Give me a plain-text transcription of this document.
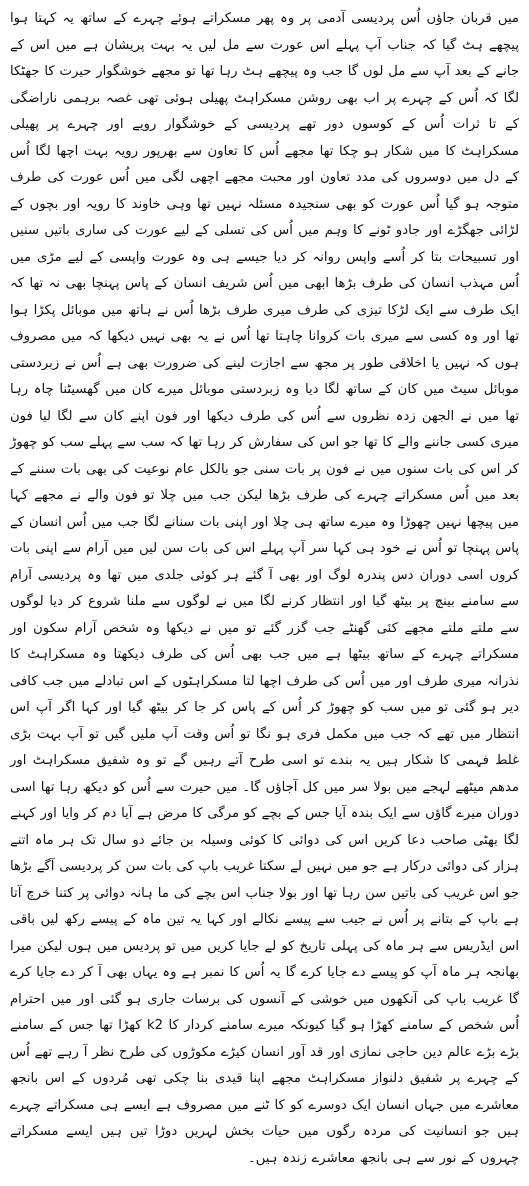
میں قربان جاؤں اُس پردیسی آدمی پر وہ پھر مسکراتے ہوئے چہرے کے ساتھ یہ کہتا ہوا پیچھے ہٹ گیا کہ جناب آپ پہلے اس عورت سے مل لیں یہ بہت پریشان ہے میں اس کے جانے کے بعد آپ سے مل لوں گا جب وہ پیچھے ہٹ رہا تھا تو مجھے خوشگوار حیرت کا جھٹکا لگا کہ اُس کے چہرے پر اب بھی روشن مسکراہٹ پھیلی ہوئی تھی غصہ برہمی ناراضگی کے تا ثرات اُس کے کوسوں دور تھے پردیسی کے خوشگوار رویے اور چہرے پر پھیلی مسکراہٹ کا میں شکار ہو چکا تھا مجھے اُس کا تعاون سے بھرپور رویہ بہت اچھا لگا اُس کے دل میں دوسروں کی مدد تعاون اور محبت مجھے اچھی لگی میں اُس عورت کی طرف متوجہ ہو گیا اُس عورت کو بھی سنجیدہ مسئلہ نہیں تھا وہی خاوند کا رویہ اور بچوں کے لڑائی جھگڑے اور جادو ٹونے کا وہم میں اُس کی تسلی کے لیے عورت کی ساری باتیں سنیں اور تسبیحات بتا کر اُسے واپس روانہ کر دیا جیسے ہی وہ عورت واپسی کے لیے مڑی میں اُس مہذب انسان کی طرف بڑھا ابھی میں اُس شریف انسان کے پاس پہنچا بھی نہ تھا کہ ایک طرف سے ایک لڑکا تیزی کی طرف میری طرف بڑھا اُس نے ہاتھ میں موبائل پکڑا ہوا تھا اور وہ کسی سے میری بات کروانا چاہتا تھا اُس نے یہ بھی نہیں دیکھا کہ میں مصروف ہوں کہ نہیں یا اخلاقی طور پر مجھ سے اجازت لینے کی ضرورت بھی ہے اُس نے زبردستی موبائل سیٹ میں کان کے ساتھ لگا دیا وہ زبردستی موبائل میرے کان میں گھسیٹنا چاہ رہا تھا میں نے الجھن زدہ نظروں سے اُس کی طرف دیکھا اور فون اپنے کان سے لگا لیا فون میری کسی جاننے والے کا تھا جو اس کی سفارش کر رہا تھا کہ سب سے پہلے سب کو چھوڑ کر اس کی بات سنوں میں نے فون پر بات سنی جو بالکل عام نوعیت کی بھی بات سننے کے بعد میں اُس مسکراتے چہرے کی طرف بڑھا لیکن جب میں چلا تو فون والے نے مجھے کہا میں پیچھا نہیں چھوڑا وہ میرے ساتھ ہی چلا اور اپنی بات سنانے لگا جب میں اُس انسان کے پاس پہنچا تو اُس نے خود ہی کہا سر آپ پہلے اس کی بات سن لیں میں آرام سے اپنی بات کروں اسی دوران دس پندرہ لوگ اور بھی آ گئے ہر کوئی جلدی میں تھا وہ پردیسی آرام سے سامنے بینچ پر بیٹھ گیا اور انتظار کرنے لگا میں نے لوگوں سے ملنا شروع کر دیا لوگوں سے ملتے ملتے مجھے کئی گھنٹے جب گزر گئے تو میں نے دیکھا وہ شخص آرام سکون اور مسکراتے چہرے کے ساتھ بیٹھا ہے میں جب بھی اُس کی طرف دیکھتا وہ مسکراہٹ کا نذرانہ میری طرف اور میں اُس کی طرف اچھا لتا مسکراہٹوں کے اس تبادلے میں جب کافی دیر ہو گئی تو میں سب کو چھوڑ کر اُس کے پاس کر جا کر بیٹھ گیا اور کہا اگر آپ اس انتظار میں تھے کہ جب میں مکمل فری ہو نگا تو اُس وقت آپ ملیں گیں تو آپ بہت بڑی غلط فہمی کا شکار ہیں یہ بندے تو اسی طرح آتے رہیں گے تو وہ شفیق مسکراہٹ اور مدھم میٹھے لہجے میں بولا سر میں کل آجاؤں گا۔ میں حیرت سے اُس کو دیکھ رہا تھا اسی دوران میرے گاؤں سے ایک بندہ آیا جس کے بچے کو مرگی کا مرض ہے آیا دم کر وایا اور کہنے لگا بھٹی صاحب دعا کریں اس کی دوائی کا کوئی وسیلہ بن جائے دو سال تک ہر ماہ اتنے ہزار کی دوائی درکار ہے جو میں نہیں لے سکتا غریب باپ کی بات سن کر پردیسی آگے بڑھا جو اس غریب کی باتیں سن رہا تھا اور بولا جناب اس بچے کی ما ہانہ دوائی پر کتنا خرچ آتا ہے باپ کے بتانے پر اُس نے جیب سے پیسے نکالے اور کہا یہ تین ماہ کے پیسے رکھ لیں باقی اس ایڈریس سے ہر ماہ کی پہلی تاریخ کو لے جایا کریں میں تو پردیس میں ہوں لیکن میرا بھانجہ ہر ماہ آپ کو پیسے دے جایا کرے گا یہ اُس کا نمبر ہے وہ یہاں بھی آ کر دے جایا کرے گا غریب باپ کی آنکھوں میں خوشی کے آنسوں کی برسات جاری ہو گئی اور میں احترام اُس شخص کے سامنے کھڑا ہو گیا کیونکہ میرے سامنے کردار کا k2 کھڑا تھا جس کے سامنے بڑے بڑے عالم دین حاجی نمازی اور قد آور انسان کیڑے مکوڑوں کی طرح نظر آ رہے تھے اُس کے چہرے پر شفیق دلنواز مسکراہٹ مجھے اپنا قیدی بنا چکی تھی مُردوں کے اس بانجھ معاشرے میں جہاں انسان ایک دوسرے کو کا ٹنے میں مصروف ہے ایسے ہی مسکراتے چہرے ہیں جو انسانیت کی مردہ رگوں میں حیات بخش لہریں دوڑا تیں ہیں ایسے مسکراتے چہروں کے نور سے ہی بانجھ معاشرے زندہ ہیں۔
